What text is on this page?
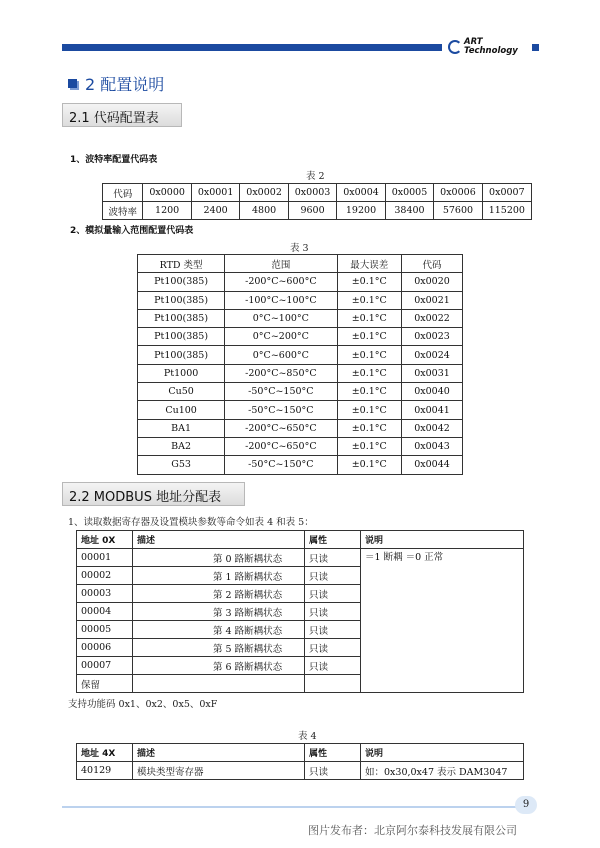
ART
Technology
2 配置说明
2.1 代码配置表
1、波特率配置代码表
表 2
代码	0x0000	0x0001	0x0002	0x0003	0x0004	0x0005	0x0006	0x0007
波特率	1200	2400	4800	9600	19200	38400	57600	115200
2、模拟量输入范围配置代码表
表 3
RTD 类型	范围	最大误差	代码
Pt100(385)	-200°C~600°C	±0.1°C	0x0020
Pt100(385)	-100°C~100°C	±0.1°C	0x0021
Pt100(385)	0°C~100°C	±0.1°C	0x0022
Pt100(385)	0°C~200°C	±0.1°C	0x0023
Pt100(385)	0°C~600°C	±0.1°C	0x0024
Pt1000	-200°C~850°C	±0.1°C	0x0031
Cu50	-50°C~150°C	±0.1°C	0x0040
Cu100	-50°C~150°C	±0.1°C	0x0041
BA1	-200°C~650°C	±0.1°C	0x0042
BA2	-200°C~650°C	±0.1°C	0x0043
G53	-50°C~150°C	±0.1°C	0x0044
2.2 MODBUS 地址分配表
1、读取数据寄存器及设置模块参数等命令如表 4 和表 5：
地址 0X	描述	属性	说明
00001	第 0 路断耦状态	只读	＝1 断耦 ＝0 正常
00002	第 1 路断耦状态	只读	
00003	第 2 路断耦状态	只读	
00004	第 3 路断耦状态	只读	
00005	第 4 路断耦状态	只读	
00006	第 5 路断耦状态	只读	
00007	第 6 路断耦状态	只读	
保留			
支持功能码 0x1、0x2、0x5、0xF
表 4
地址 4X	描述	属性	说明
40129	模块类型寄存器	只读	如：0x30,0x47 表示 DAM3047
9
图片发布者：北京阿尔泰科技发展有限公司
